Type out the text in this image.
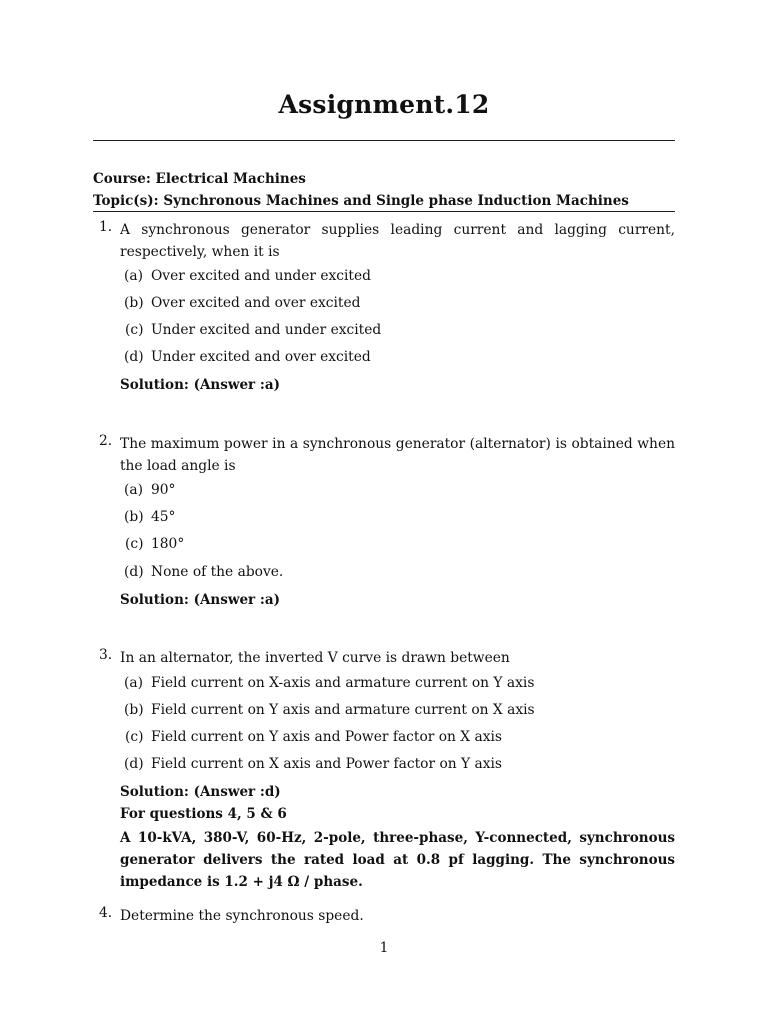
Assignment.12
Course: Electrical Machines
Topic(s): Synchronous Machines and Single phase Induction Machines
1. A synchronous generator supplies leading current and lagging current, respectively, when it is
(a) Over excited and under excited
(b) Over excited and over excited
(c) Under excited and under excited
(d) Under excited and over excited
Solution: (Answer :a)
2. The maximum power in a synchronous generator (alternator) is obtained when the load angle is
(a) 90°
(b) 45°
(c) 180°
(d) None of the above.
Solution: (Answer :a)
3. In an alternator, the inverted V curve is drawn between
(a) Field current on X-axis and armature current on Y axis
(b) Field current on Y axis and armature current on X axis
(c) Field current on Y axis and Power factor on X axis
(d) Field current on X axis and Power factor on Y axis
Solution: (Answer :d)
For questions 4, 5 & 6
A 10-kVA, 380-V, 60-Hz, 2-pole, three-phase, Y-connected, synchronous generator delivers the rated load at 0.8 pf lagging. The synchronous impedance is 1.2 + j4 Ω / phase.
4. Determine the synchronous speed.
1
